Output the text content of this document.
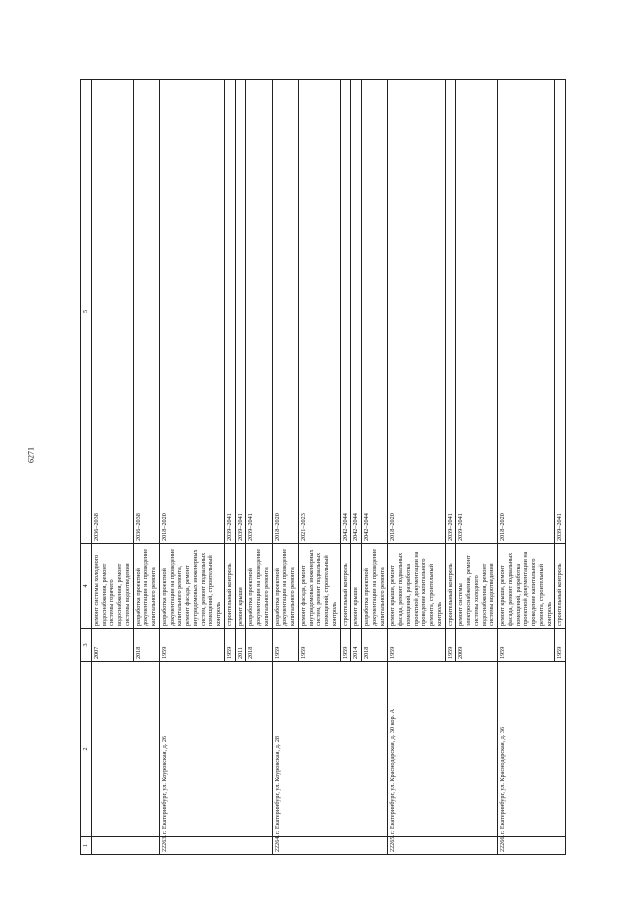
6271
1	2	3	4	5
		2007	ремонт системы холодного водоснабжения, ремонт системы горячего водоснабжения, ремонт системы водоотведения	2036–2038
		2018	разработка проектной документации на проведение капитального ремонта	2036–2038
22263.	г. Екатеринбург, ул. Коуровская, д. 26	1959	разработка проектной документации на проведение капитального ремонта, ремонт фасада, ремонт внутридомовых инженерных систем, ремонт подвальных помещений, строительный контроль	2018–2020
		1959	строительный контроль	2039–2041
		2011	ремонт крыши	2039–2041
		2018	разработка проектной документации на проведение капитального ремонта	2039–2041
22264.	г. Екатеринбург, ул. Коуровская, д. 28	1959	разработка проектной документации на проведение капитального ремонта	2018–2020
		1959	ремонт фасада, ремонт внутридомовых инженерных систем, ремонт подвальных помещений, строительный контроль	2021–2023
		1959	строительный контроль	2042–2044
		2014	ремонт крыши	2042–2044
		2018	разработка проектной документации на проведение капитального ремонта	2042–2044
22265.	г. Екатеринбург, ул. Краснодарская, д. 30 кор. А	1959	ремонт крыши, ремонт фасада, ремонт подвальных помещений, разработка проектной документации на проведение капитального ремонта, строительный контроль	2018–2020
		1959	строительный контроль	2039–2041
		2009	ремонт системы электроснабжения, ремонт системы холодного водоснабжения, ремонт системы водоотведения	2039–2041
22266.	г. Екатеринбург, ул. Краснодарская, д. 36	1959	ремонт крыши, ремонт фасада, ремонт подвальных помещений, разработка проектной документации на проведение капитального ремонта, строительный контроль	2018–2020
		1959	строительный контроль	2039–2041
